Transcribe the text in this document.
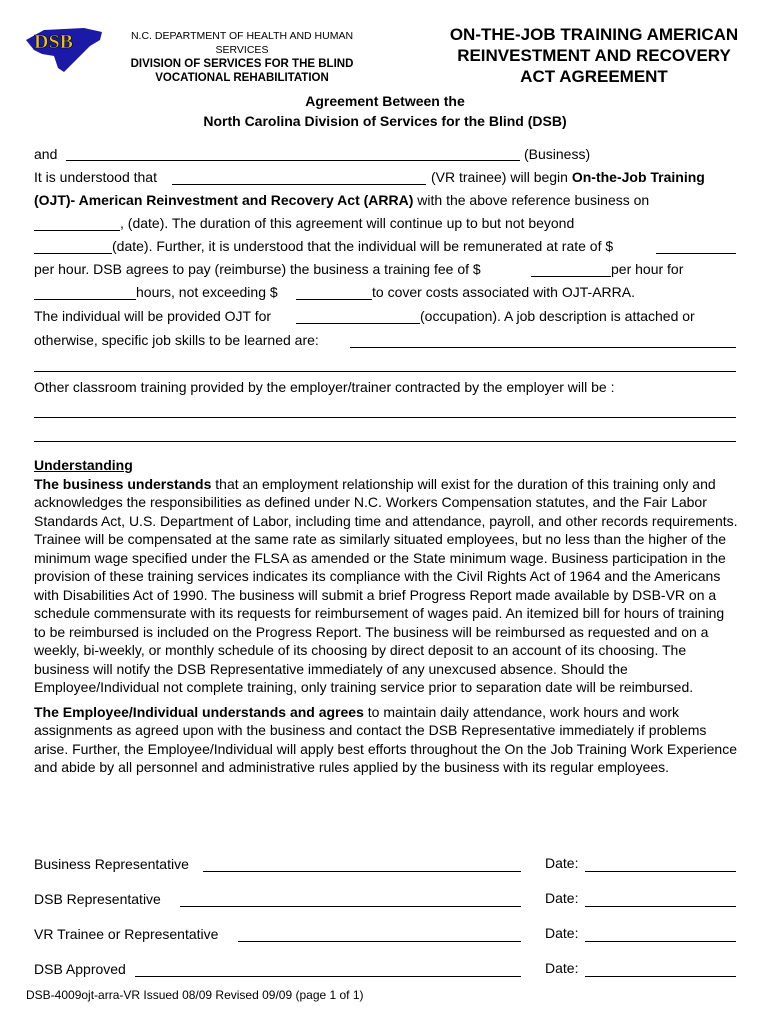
DSB	N.C. DEPARTMENT OF HEALTH AND HUMAN SERVICES
DIVISION OF SERVICES FOR THE BLIND
VOCATIONAL REHABILITATION
ON-THE-JOB TRAINING AMERICAN
REINVESTMENT AND RECOVERY
ACT AGREEMENT
Agreement Between the
North Carolina Division of Services for the Blind (DSB)
and	(Business)
It is understood that	(VR trainee) will begin On-the-Job Training
(OJT)- American Reinvestment and Recovery Act (ARRA) with the above reference business on
, (date). The duration of this agreement will continue up to but not beyond
(date). Further, it is understood that the individual will be remunerated at rate of $
per hour. DSB agrees to pay (reimburse) the business a training fee of $	per hour for
hours, not exceeding $	to cover costs associated with OJT-ARRA.
The individual will be provided OJT for	(occupation). A job description is attached or
otherwise, specific job skills to be learned are:
Other classroom training provided by the employer/trainer contracted by the employer will be :
Understanding
The business understands that an employment relationship will exist for the duration of this training only and acknowledges the responsibilities as defined under N.C. Workers Compensation statutes, and the Fair Labor Standards Act, U.S. Department of Labor, including time and attendance, payroll, and other records requirements. Trainee will be compensated at the same rate as similarly situated employees, but no less than the higher of the minimum wage specified under the FLSA as amended or the State minimum wage. Business participation in the provision of these training services indicates its compliance with the Civil Rights Act of 1964 and the Americans with Disabilities Act of 1990. The business will submit a brief Progress Report made available by DSB-VR on a schedule commensurate with its requests for reimbursement of wages paid. An itemized bill for hours of training to be reimbursed is included on the Progress Report. The business will be reimbursed as requested and on a weekly, bi-weekly, or monthly schedule of its choosing by direct deposit to an account of its choosing. The business will notify the DSB Representative immediately of any unexcused absence. Should the Employee/Individual not complete training, only training service prior to separation date will be reimbursed.
The Employee/Individual understands and agrees to maintain daily attendance, work hours and work assignments as agreed upon with the business and contact the DSB Representative immediately if problems arise. Further, the Employee/Individual will apply best efforts throughout the On the Job Training Work Experience and abide by all personnel and administrative rules applied by the business with its regular employees.
Business Representative	Date:
DSB Representative	Date:
VR Trainee or Representative	Date:
DSB Approved	Date:
DSB-4009ojt-arra-VR Issued 08/09 Revised 09/09 (page 1 of 1)
